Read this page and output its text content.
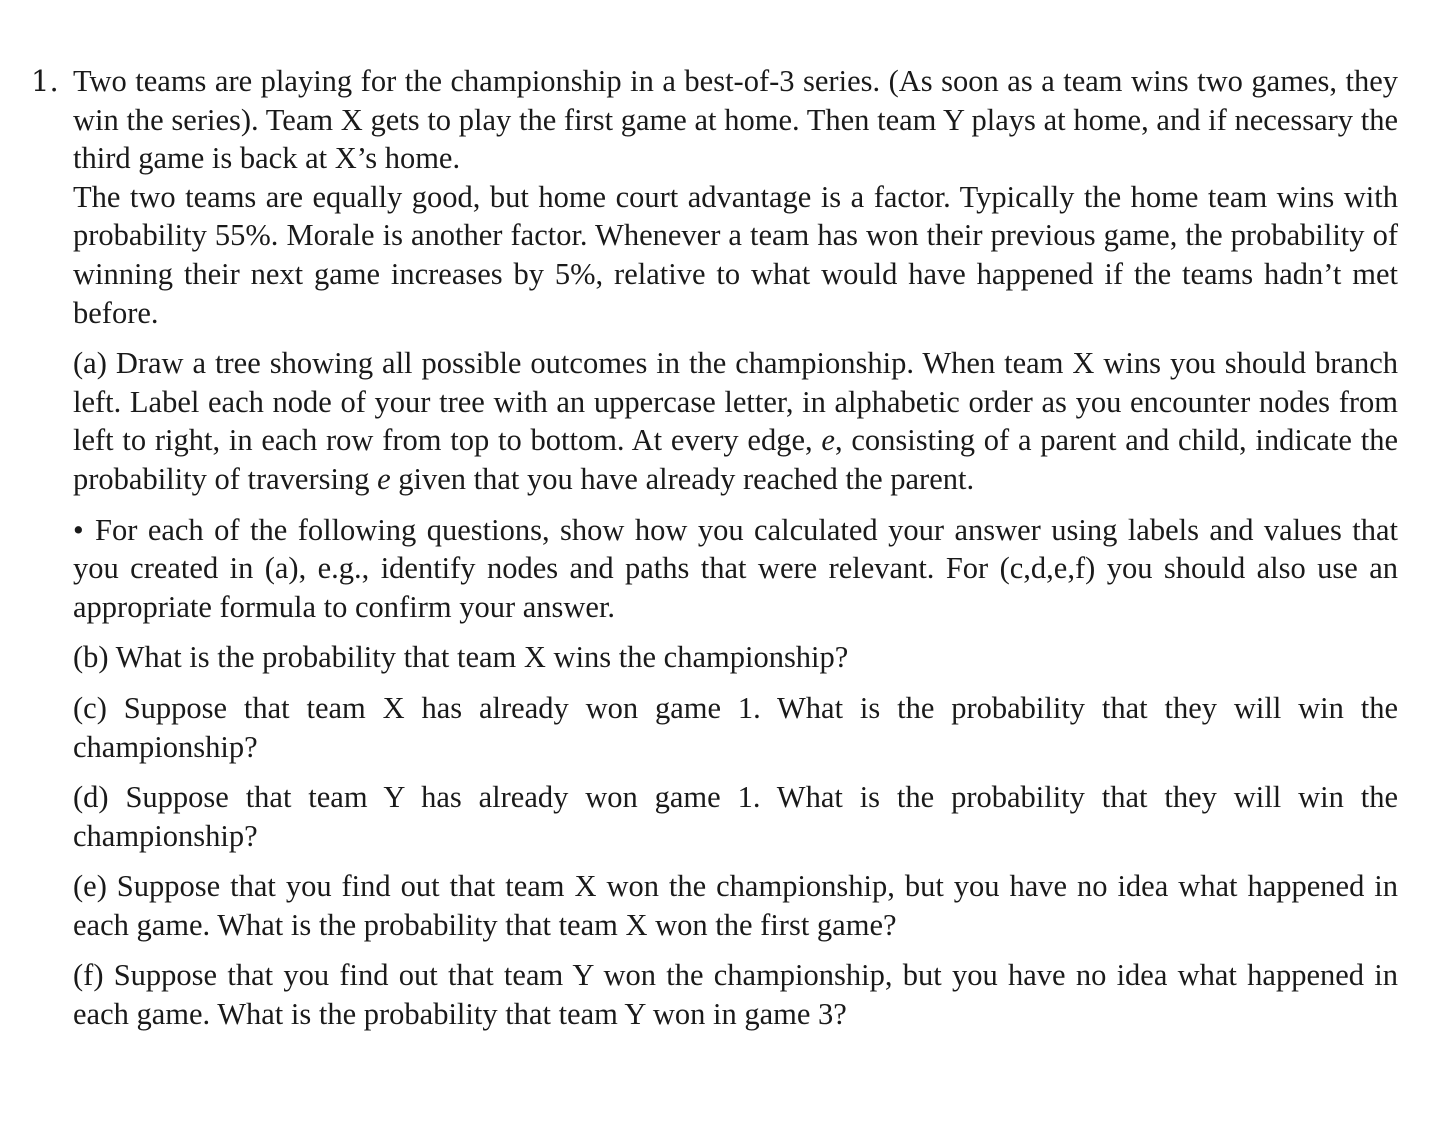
1. Two teams are playing for the championship in a best-of-3 series. (As soon as a team wins two games, they win the series). Team X gets to play the first game at home. Then team Y plays at home, and if necessary the third game is back at X’s home.

The two teams are equally good, but home court advantage is a factor. Typically the home team wins with probability 55%. Morale is another factor. Whenever a team has won their previous game, the probability of winning their next game increases by 5%, relative to what would have happened if the teams hadn’t met before.

(a) Draw a tree showing all possible outcomes in the championship. When team X wins you should branch left. Label each node of your tree with an uppercase letter, in alphabetic order as you encounter nodes from left to right, in each row from top to bottom. At every edge, e, consisting of a parent and child, indicate the probability of traversing e given that you have already reached the parent.

• For each of the following questions, show how you calculated your answer using labels and values that you created in (a), e.g., identify nodes and paths that were relevant. For (c,d,e,f) you should also use an appropriate formula to confirm your answer.

(b) What is the probability that team X wins the championship?

(c) Suppose that team X has already won game 1. What is the probability that they will win the championship?

(d) Suppose that team Y has already won game 1. What is the probability that they will win the championship?

(e) Suppose that you find out that team X won the championship, but you have no idea what happened in each game. What is the probability that team X won the first game?

(f) Suppose that you find out that team Y won the championship, but you have no idea what happened in each game. What is the probability that team Y won in game 3?
